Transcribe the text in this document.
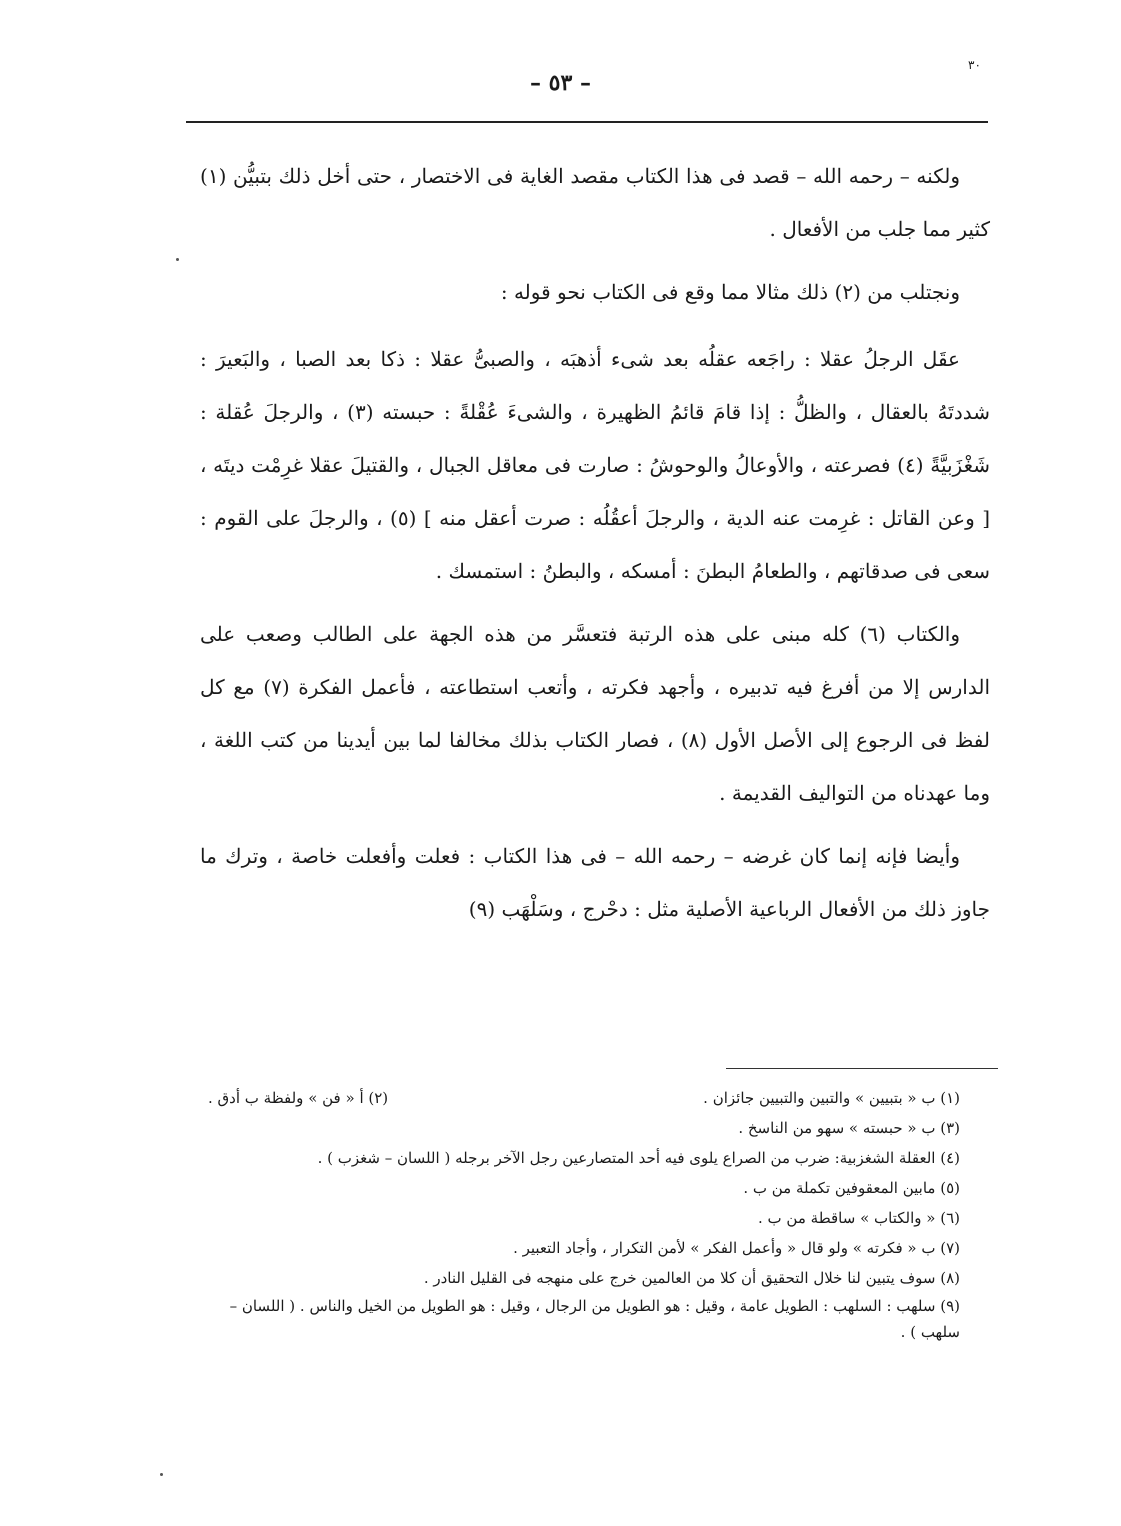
٣٠
– ٥٣ –

ولكنه – رحمه الله – قصد فى هذا الكتاب مقصد الغاية فى الاختصار ، حتى أخل ذلك بتبيُّن (١) كثير مما جلب من الأفعال .

ونجتلب من (٢) ذلك مثالا مما وقع فى الكتاب نحو قوله :

عقَل الرجلُ عقلا : راجَعه عقلُه بعد شىء أذهبَه ، والصبىُّ عقلا : ذكا بعد الصبا ، والبَعيرَ : شددتَهُ بالعقال ، والظلُّ : إذا قامَ قائمُ الظهيرة ، والشىءَ عُقْلةً : حبسته (٣) ، والرجلَ عُقلة : شَغْزَبيَّةً (٤) فصرعته ، والأوعالُ والوحوشُ : صارت فى معاقل الجبال ، والقتيلَ عقلا غرِمْت ديتَه ، [ وعن القاتل : غرِمت عنه الدية ، والرجلَ أعقُلُه : صرت أعقل منه ] (٥) ، والرجلَ على القوم : سعى فى صدقاتهم ، والطعامُ البطنَ : أمسكه ، والبطنُ : استمسك .

والكتاب (٦) كله مبنى على هذه الرتبة فتعسَّر من هذه الجهة على الطالب وصعب على الدارس إلا من أفرغ فيه تدبيره ، وأجهد فكرته ، وأتعب استطاعته ، فأعمل الفكرة (٧) مع كل لفظ فى الرجوع إلى الأصل الأول (٨) ، فصار الكتاب بذلك مخالفا لما بين أيدينا من كتب اللغة ، وما عهدناه من التواليف القديمة .

وأيضا فإنه إنما كان غرضه – رحمه الله – فى هذا الكتاب : فعلت وأفعلت خاصة ، وترك ما جاوز ذلك من الأفعال الرباعية الأصلية مثل : دحْرج ، وسَلْهَب (٩)

(١) ب « بتبيين » والتبين والتبيين جائزان .

(٢) أ « فن » ولفظة ب أدق .

(٣) ب « حبسته » سهو من الناسخ .

(٤) العقلة الشغزبية: ضرب من الصراع يلوى فيه أحد المتصارعين رجل الآخر برجله ( اللسان – شغزب ) .

(٥) مابين المعقوفين تكملة من ب .

(٦) « والكتاب » ساقطة من ب .

(٧) ب « فكرته » ولو قال « وأعمل الفكر » لأمن التكرار ، وأجاد التعبير .

(٨) سوف يتبين لنا خلال التحقيق أن كلا من العالمين خرج على منهجه فى القليل النادر .

(٩) سلهب : السلهب : الطويل عامة ، وقيل : هو الطويل من الرجال ، وقيل : هو الطويل من الخيل والناس . ( اللسان – سلهب ) .
